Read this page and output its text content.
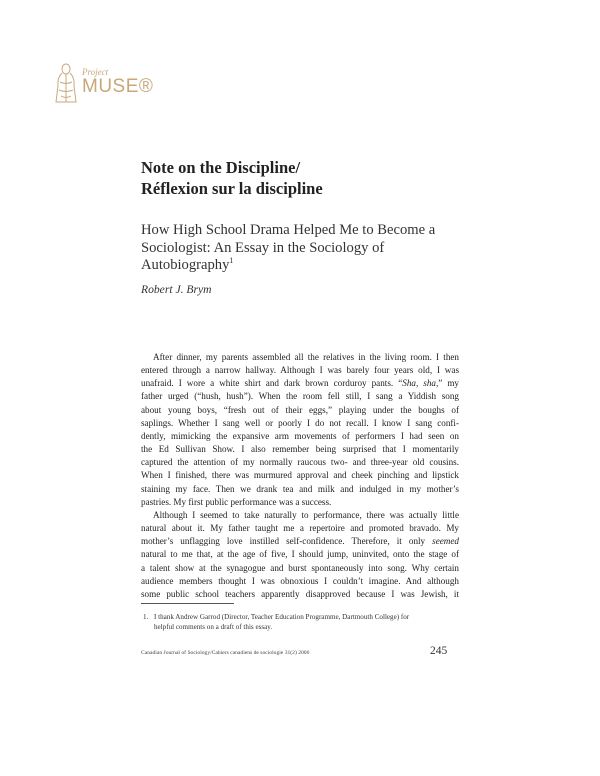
Project
MUSE®
Note on the Discipline/
Réflexion sur la discipline
How High School Drama Helped Me to Become a
Sociologist: An Essay in the Sociology of
Autobiography$^1$
Robert J. Brym
After dinner, my parents assembled all the relatives in the living room. I then
entered through a narrow hallway. Although I was barely four years old, I was
unafraid. I wore a white shirt and dark brown corduroy pants. “Sha, sha,” my
father urged (“hush, hush”). When the room fell still, I sang a Yiddish song
about young boys, “fresh out of their eggs,” playing under the boughs of
saplings. Whether I sang well or poorly I do not recall. I know I sang confi-
dently, mimicking the expansive arm movements of performers I had seen on
the Ed Sullivan Show. I also remember being surprised that I momentarily
captured the attention of my normally raucous two- and three-year old cousins.
When I finished, there was murmured approval and cheek pinching and lipstick
staining my face. Then we drank tea and milk and indulged in my mother’s
pastries. My first public performance was a success.
Although I seemed to take naturally to performance, there was actually little
natural about it. My father taught me a repertoire and promoted bravado. My
mother’s unflagging love instilled self-confidence. Therefore, it only seemed
natural to me that, at the age of five, I should jump, uninvited, onto the stage of
a talent show at the synagogue and burst spontaneously into song. Why certain
audience members thought I was obnoxious I couldn’t imagine. And although
some public school teachers apparently disapproved because I was Jewish, it
1. I thank Andrew Garrod (Director, Teacher Education Programme, Dartmouth College) for
helpful comments on a draft of this essay.
Canadian Journal of Sociology/Cahiers canadiens de sociologie 31(2) 2006	245
